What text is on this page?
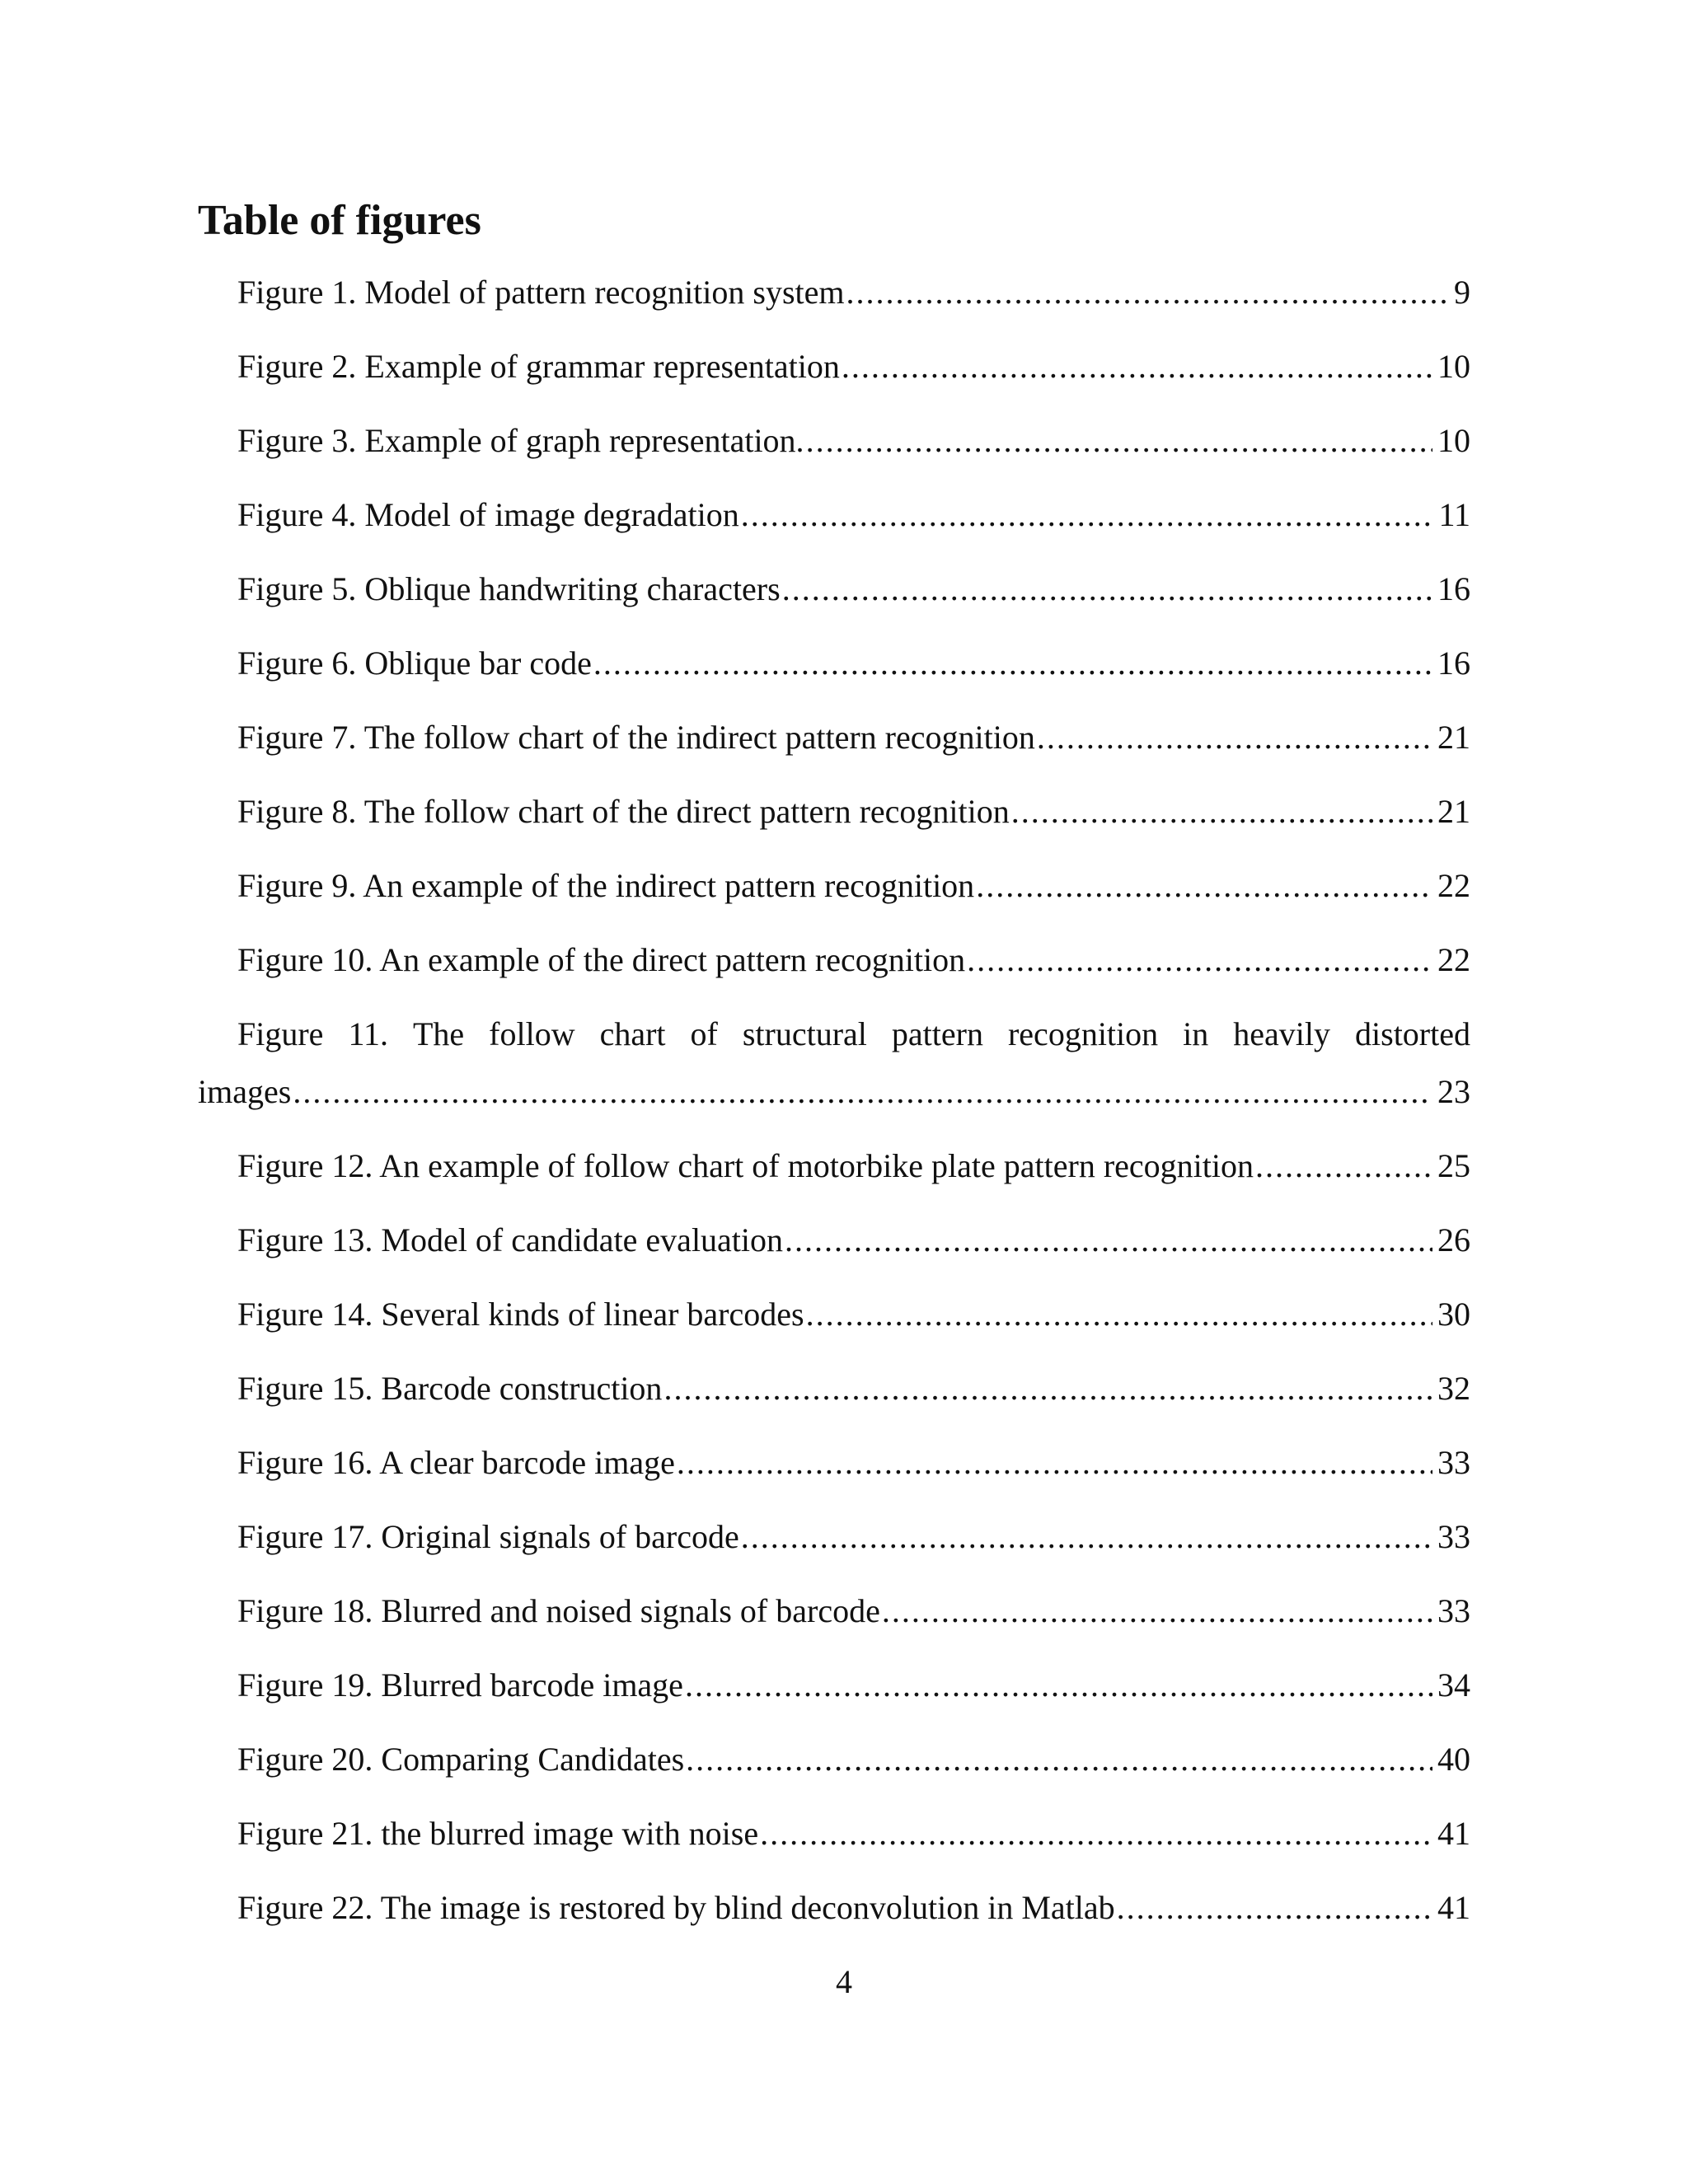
Table of figures
Figure 1. Model of pattern recognition system .....	9
Figure 2. Example of grammar representation .....	10
Figure 3. Example of graph representation. .....	10
Figure 4. Model of image degradation .....	11
Figure 5. Oblique handwriting characters .....	16
Figure 6. Oblique bar code .....	16
Figure 7. The follow chart of the indirect pattern recognition .....	21
Figure 8. The follow chart of the direct pattern recognition .....	21
Figure 9. An example of the indirect pattern recognition .....	22
Figure 10. An example of the direct pattern recognition .....	22
Figure 11. The follow chart of structural pattern recognition in heavily distorted
images .....	23
Figure 12. An example of follow chart of motorbike plate pattern recognition .....	25
Figure 13. Model of candidate evaluation .....	26
Figure 14. Several kinds of linear barcodes .....	30
Figure 15. Barcode construction .....	32
Figure 16. A clear barcode image .....	33
Figure 17. Original signals of barcode .....	33
Figure 18. Blurred and noised signals of barcode .....	33
Figure 19. Blurred barcode image .....	34
Figure 20. Comparing Candidates .....	40
Figure 21. the blurred image with noise .....	41
Figure 22. The image is restored by blind deconvolution in Matlab .....	41
4
